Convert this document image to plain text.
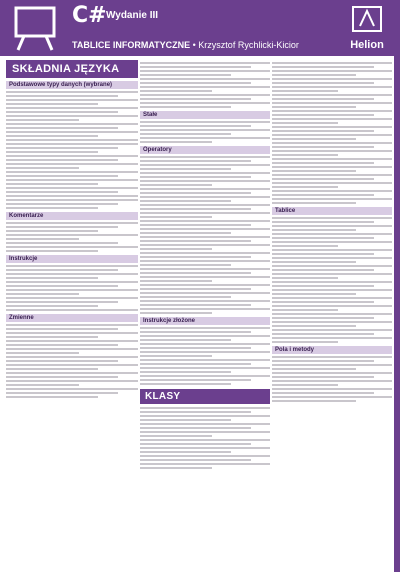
C# Wydanie III
TABLICE INFORMATYCZNE • Krzysztof Rychlicki-Kicior	Helion
SKŁADNIA JĘZYKA
Podstawowe typy danych (wybrane)
Komentarze
Instrukcje
Zmienne
Stałe
Operatory
Instrukcje złożone
KLASY
Tablice
Pola i metody
